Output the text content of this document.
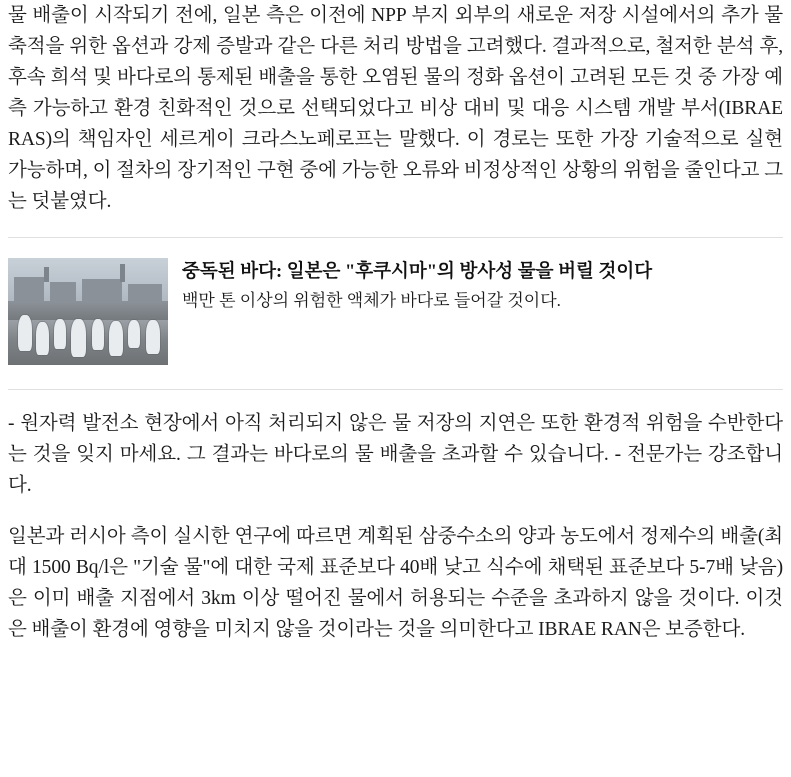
물 배출이 시작되기 전에, 일본 측은 이전에 NPP 부지 외부의 새로운 저장 시설에서의 추가 물 축적을 위한 옵션과 강제 증발과 같은 다른 처리 방법을 고려했다. 결과적으로, 철저한 분석 후, 후속 희석 및 바다로의 통제된 배출을 통한 오염된 물의 정화 옵션이 고려된 모든 것 중 가장 예측 가능하고 환경 친화적인 것으로 선택되었다고 비상 대비 및 대응 시스템 개발 부서(IBRAE RAS)의 책임자인 세르게이 크라스노페로프는 말했다. 이 경로는 또한 가장 기술적으로 실현 가능하며, 이 절차의 장기적인 구현 중에 가능한 오류와 비정상적인 상황의 위험을 줄인다고 그는 덧붙였다.

중독된 바다: 일본은 "후쿠시마"의 방사성 물을 버릴 것이다
백만 톤 이상의 위험한 액체가 바다로 들어갈 것이다.

- 원자력 발전소 현장에서 아직 처리되지 않은 물 저장의 지연은 또한 환경적 위험을 수반한다는 것을 잊지 마세요. 그 결과는 바다로의 물 배출을 초과할 수 있습니다. - 전문가는 강조합니다.

일본과 러시아 측이 실시한 연구에 따르면 계획된 삼중수소의 양과 농도에서 정제수의 배출(최대 1500 Bq/l은 "기술 물"에 대한 국제 표준보다 40배 낮고 식수에 채택된 표준보다 5-7배 낮음)은 이미 배출 지점에서 3km 이상 떨어진 물에서 허용되는 수준을 초과하지 않을 것이다. 이것은 배출이 환경에 영향을 미치지 않을 것이라는 것을 의미한다고 IBRAE RAN은 보증한다.
